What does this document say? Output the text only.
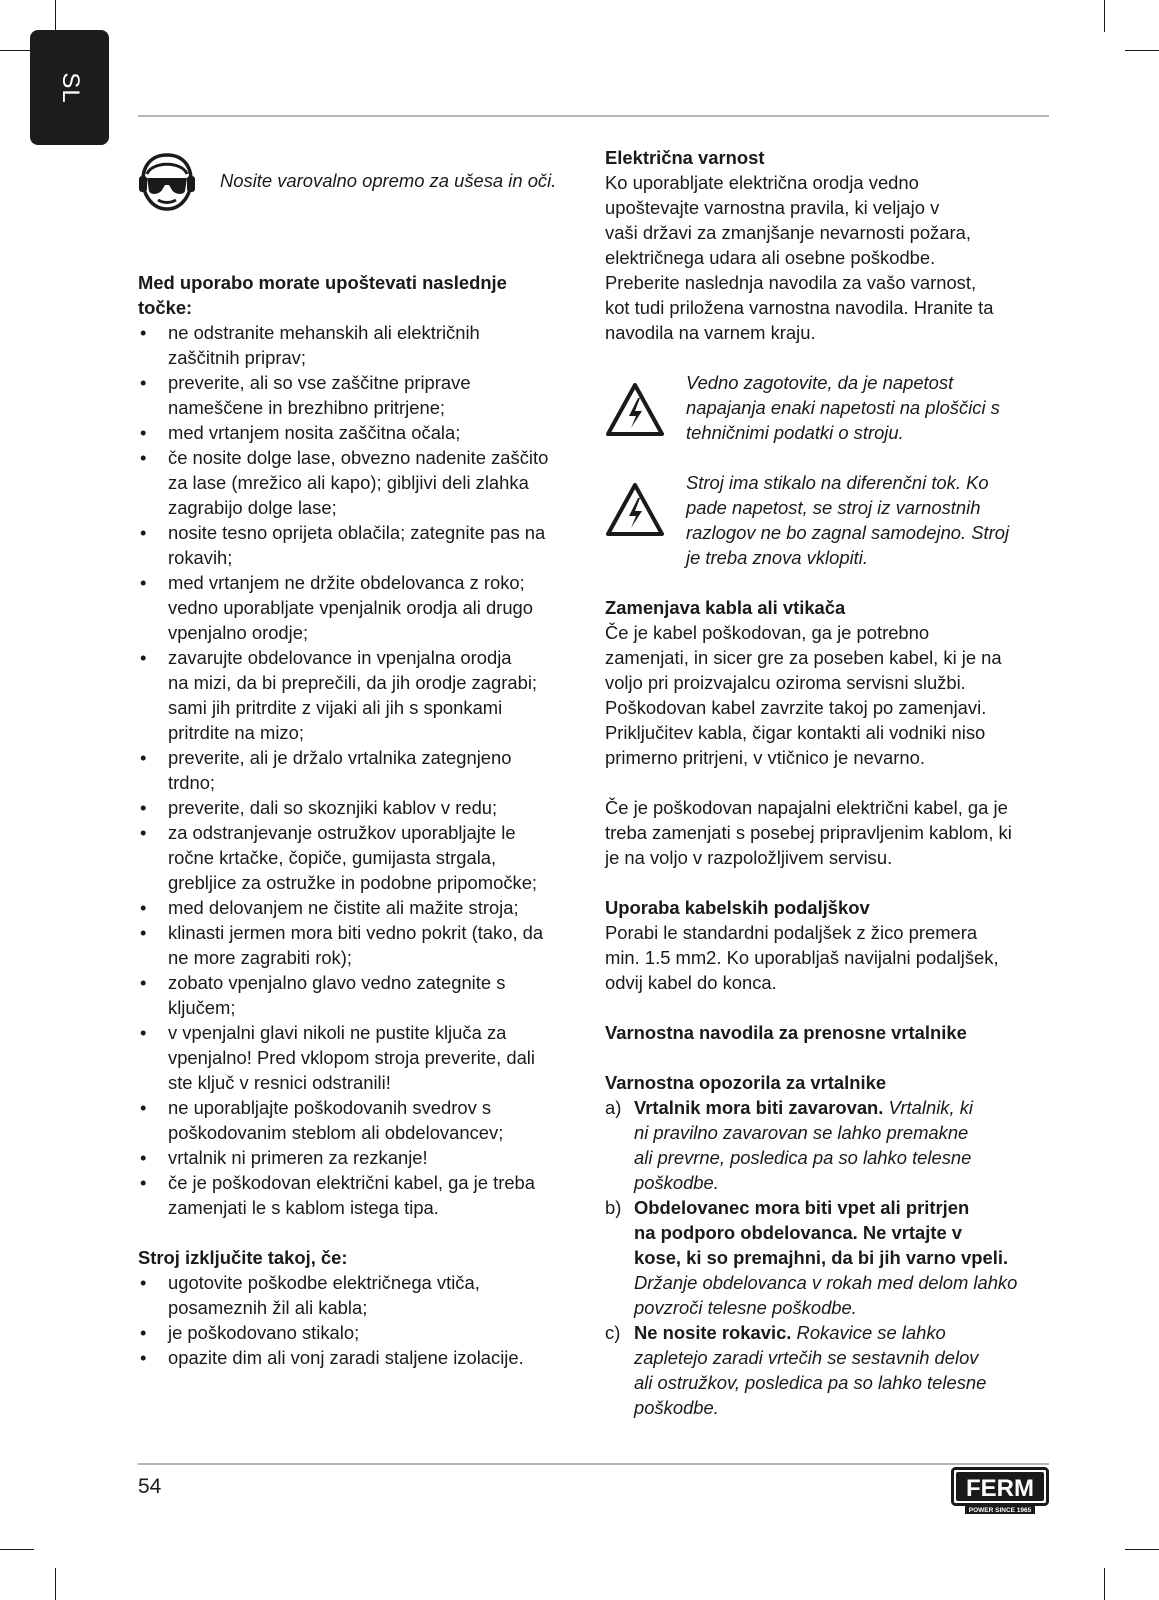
SL
Nosite varovalno opremo za ušesa in oči.
Med uporabo morate upoštevati naslednje
točke:
• ne odstranite mehanskih ali električnih
zaščitnih priprav;
• preverite, ali so vse zaščitne priprave
nameščene in brezhibno pritrjene;
• med vrtanjem nosita zaščitna očala;
• če nosite dolge lase, obvezno nadenite zaščito
za lase (mrežico ali kapo); gibljivi deli zlahka
zagrabijo dolge lase;
• nosite tesno oprijeta oblačila; zategnite pas na
rokavih;
• med vrtanjem ne držite obdelovanca z roko;
vedno uporabljate vpenjalnik orodja ali drugo
vpenjalno orodje;
• zavarujte obdelovance in vpenjalna orodja
na mizi, da bi preprečili, da jih orodje zagrabi;
sami jih pritrdite z vijaki ali jih s sponkami
pritrdite na mizo;
• preverite, ali je držalo vrtalnika zategnjeno
trdno;
• preverite, dali so skoznjiki kablov v redu;
• za odstranjevanje ostružkov uporabljajte le
ročne krtačke, čopiče, gumijasta strgala,
grebljice za ostružke in podobne pripomočke;
• med delovanjem ne čistite ali mažite stroja;
• klinasti jermen mora biti vedno pokrit (tako, da
ne more zagrabiti rok);
• zobato vpenjalno glavo vedno zategnite s
ključem;
• v vpenjalni glavi nikoli ne pustite ključa za
vpenjalno! Pred vklopom stroja preverite, dali
ste ključ v resnici odstranili!
• ne uporabljajte poškodovanih svedrov s
poškodovanim steblom ali obdelovancev;
• vrtalnik ni primeren za rezkanje!
• če je poškodovan električni kabel, ga je treba
zamenjati le s kablom istega tipa.
Stroj izključite takoj, če:
• ugotovite poškodbe električnega vtiča,
posameznih žil ali kabla;
• je poškodovano stikalo;
• opazite dim ali vonj zaradi staljene izolacije.
Električna varnost
Ko uporabljate električna orodja vedno
upoštevajte varnostna pravila, ki veljajo v
vaši državi za zmanjšanje nevarnosti požara,
električnega udara ali osebne poškodbe.
Preberite naslednja navodila za vašo varnost,
kot tudi priložena varnostna navodila. Hranite ta
navodila na varnem kraju.
Vedno zagotovite, da je napetost
napajanja enaki napetosti na ploščici s
tehničnimi podatki o stroju.
Stroj ima stikalo na diferenčni tok. Ko
pade napetost, se stroj iz varnostnih
razlogov ne bo zagnal samodejno. Stroj
je treba znova vklopiti.
Zamenjava kabla ali vtikača
Če je kabel poškodovan, ga je potrebno
zamenjati, in sicer gre za poseben kabel, ki je na
voljo pri proizvajalcu oziroma servisni službi.
Poškodovan kabel zavrzite takoj po zamenjavi.
Priključitev kabla, čigar kontakti ali vodniki niso
primerno pritrjeni, v vtičnico je nevarno.
Če je poškodovan napajalni električni kabel, ga je
treba zamenjati s posebej pripravljenim kablom, ki
je na voljo v razpoložljivem servisu.
Uporaba kabelskih podaljškov
Porabi le standardni podaljšek z žico premera
min. 1.5 mm2. Ko uporabljaš navijalni podaljšek,
odvij kabel do konca.
Varnostna navodila za prenosne vrtalnike
Varnostna opozorila za vrtalnike
a) Vrtalnik mora biti zavarovan. Vrtalnik, ki
ni pravilno zavarovan se lahko premakne
ali prevrne, posledica pa so lahko telesne
poškodbe.
b) Obdelovanec mora biti vpet ali pritrjen
na podporo obdelovanca. Ne vrtajte v
kose, ki so premajhni, da bi jih varno vpeli.
Držanje obdelovanca v rokah med delom lahko
povzroči telesne poškodbe.
c) Ne nosite rokavic. Rokavice se lahko
zapletejo zaradi vrtečih se sestavnih delov
ali ostružkov, posledica pa so lahko telesne
poškodbe.
54	FERM
POWER SINCE 1965
